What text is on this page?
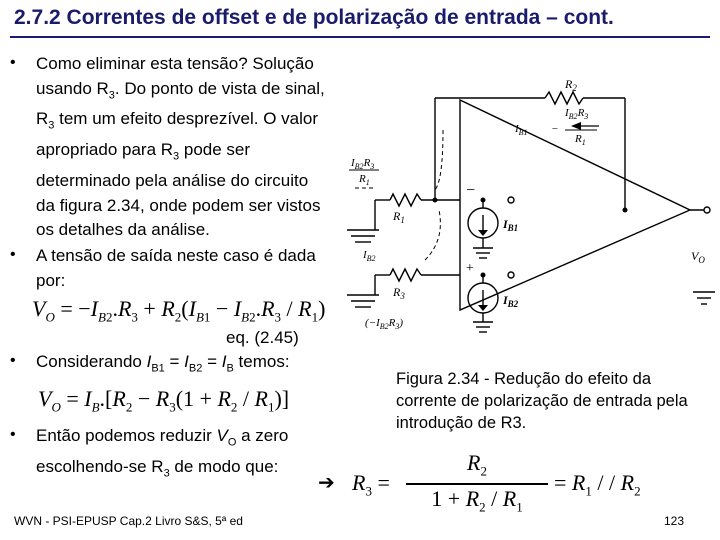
2.7.2 Correntes de offset e de polarização de entrada – cont.
• Como eliminar esta tensão? Solução usando $R_3$. Do ponto de vista de sinal, $R_3$ tem um efeito desprezível. O valor apropriado para $R_3$ pode ser determinado pela análise do circuito da figura 2.34, onde podem ser vistos os detalhes da análise.
• A tensão de saída neste caso é dada por:
$V_O = -I_{B2}.R_3 + R_2(I_{B1} - I_{B2}.R_3 / R_1)$
eq. (2.45)
• Considerando $I_{B1} = I_{B2} = I_B$ temos:
$V_O = I_B.[R_2 - R_3(1 + R_2 / R_1)]$
• Então podemos reduzir $V_O$ a zero escolhendo-se $R_3$ de modo que:
➔ $R_3$ =
$R_2$
$1 + R_2 / R_1$
= $R_1$ / / $R_2$
$R_2$
$I_{B1}$ −
$I_{B2}R_3$
$R_1$
$I_{B2}R_3$
$R_1$
$R_1$	$I_{B1}$
$I_{B2}$
$R_3$
$(-I_{B2}R_3)$
$I_{B2}$
$V_O$
−
+
Figura 2.34 - Redução do efeito da corrente de polarização de entrada pela introdução de R3.
WVN - PSI-EPUSP Cap.2 Livro S&S, 5ª ed	123
